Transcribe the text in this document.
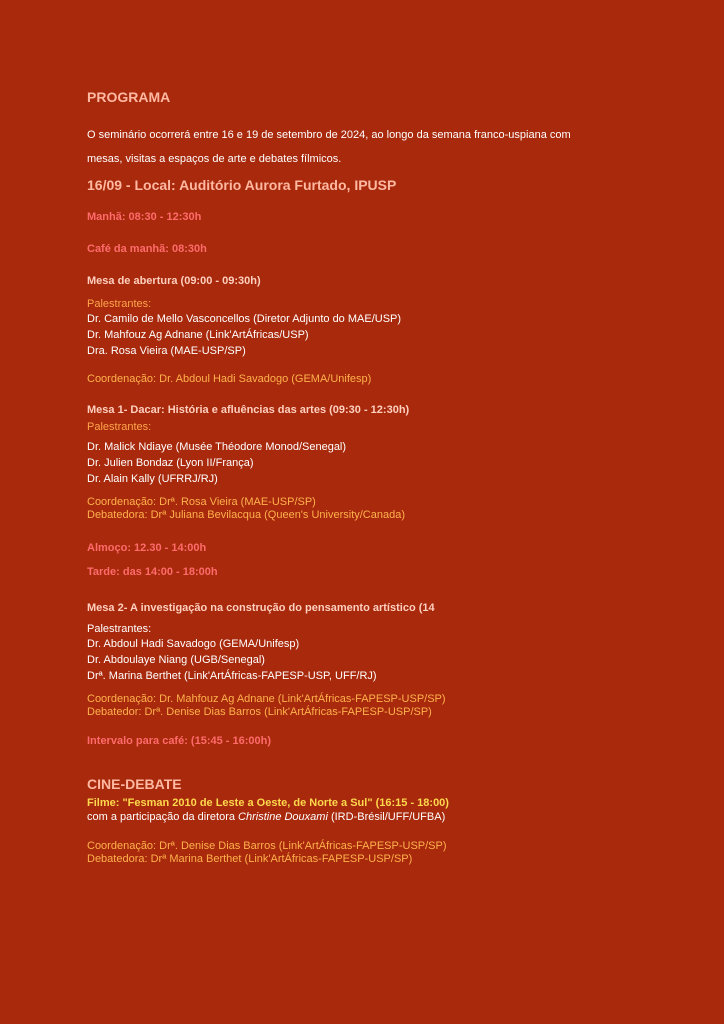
PROGRAMA

O seminário ocorrerá entre 16 e 19 de setembro de 2024, ao longo da semana franco-uspiana com

mesas, visitas a espaços de arte e debates fílmicos.

16/09 - Local: Auditório Aurora Furtado, IPUSP

Manhã: 08:30 - 12:30h

Café da manhã: 08:30h

Mesa de abertura (09:00 - 09:30h)

Palestrantes:

Dr. Camilo de Mello Vasconcellos (Diretor Adjunto do MAE/USP)

Dr. Mahfouz Ag Adnane (Link'ArtÁfricas/USP)

Dra. Rosa Vieira (MAE-USP/SP)

Coordenação: Dr. Abdoul Hadi Savadogo (GEMA/Unifesp)

Mesa 1- Dacar: História e afluências das artes (09:30 - 12:30h)

Palestrantes:

Dr. Malick Ndiaye (Musée Théodore Monod/Senegal)

Dr. Julien Bondaz (Lyon II/França)

Dr. Alain Kally (UFRRJ/RJ)

Coordenação: Drª. Rosa Vieira (MAE-USP/SP)

Debatedora: Drª Juliana Bevilacqua (Queen's University/Canada)

Almoço: 12.30 - 14:00h

Tarde: das 14:00 - 18:00h

Mesa 2- A investigação na construção do pensamento artístico (14

Palestrantes:

Dr. Abdoul Hadi Savadogo (GEMA/Unifesp)

Dr. Abdoulaye Niang (UGB/Senegal)

Drª. Marina Berthet (Link'ArtÁfricas-FAPESP-USP, UFF/RJ)

Coordenação: Dr. Mahfouz Ag Adnane (Link'ArtÁfricas-FAPESP-USP/SP)

Debatedor: Drª. Denise Dias Barros (Link'ArtÁfricas-FAPESP-USP/SP)

Intervalo para café: (15:45 - 16:00h)

CINE-DEBATE

Filme: "Fesman 2010 de Leste a Oeste, de Norte a Sul" (16:15 - 18:00)

com a participação da diretora Christine Douxami (IRD-Brésil/UFF/UFBA)

Coordenação: Drª. Denise Dias Barros (Link'ArtÁfricas-FAPESP-USP/SP)

Debatedora: Drª Marina Berthet (Link'ArtÁfricas-FAPESP-USP/SP)
